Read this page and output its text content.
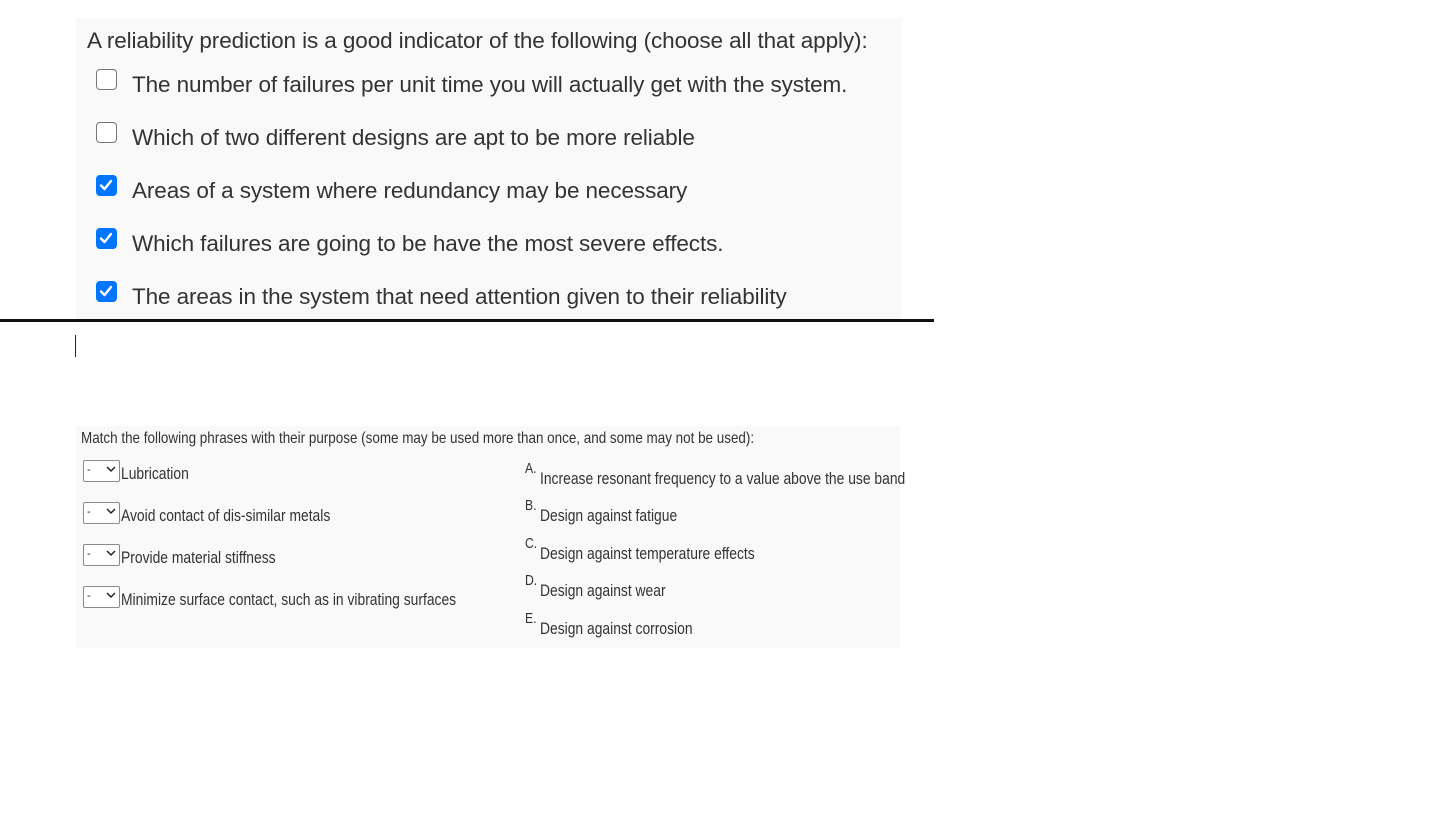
A reliability prediction is a good indicator of the following (choose all that apply):
The number of failures per unit time you will actually get with the system.
Which of two different designs are apt to be more reliable
Areas of a system where redundancy may be necessary
Which failures are going to be have the most severe effects.
The areas in the system that need attention given to their reliability
Match the following phrases with their purpose (some may be used more than once, and some may not be used):
- Lubrication
- Avoid contact of dis-similar metals
- Provide material stiffness
- Minimize surface contact, such as in vibrating surfaces
A.
Increase resonant frequency to a value above the use band
B.
Design against fatigue
C.
Design against temperature effects
D.
Design against wear
E.
Design against corrosion
